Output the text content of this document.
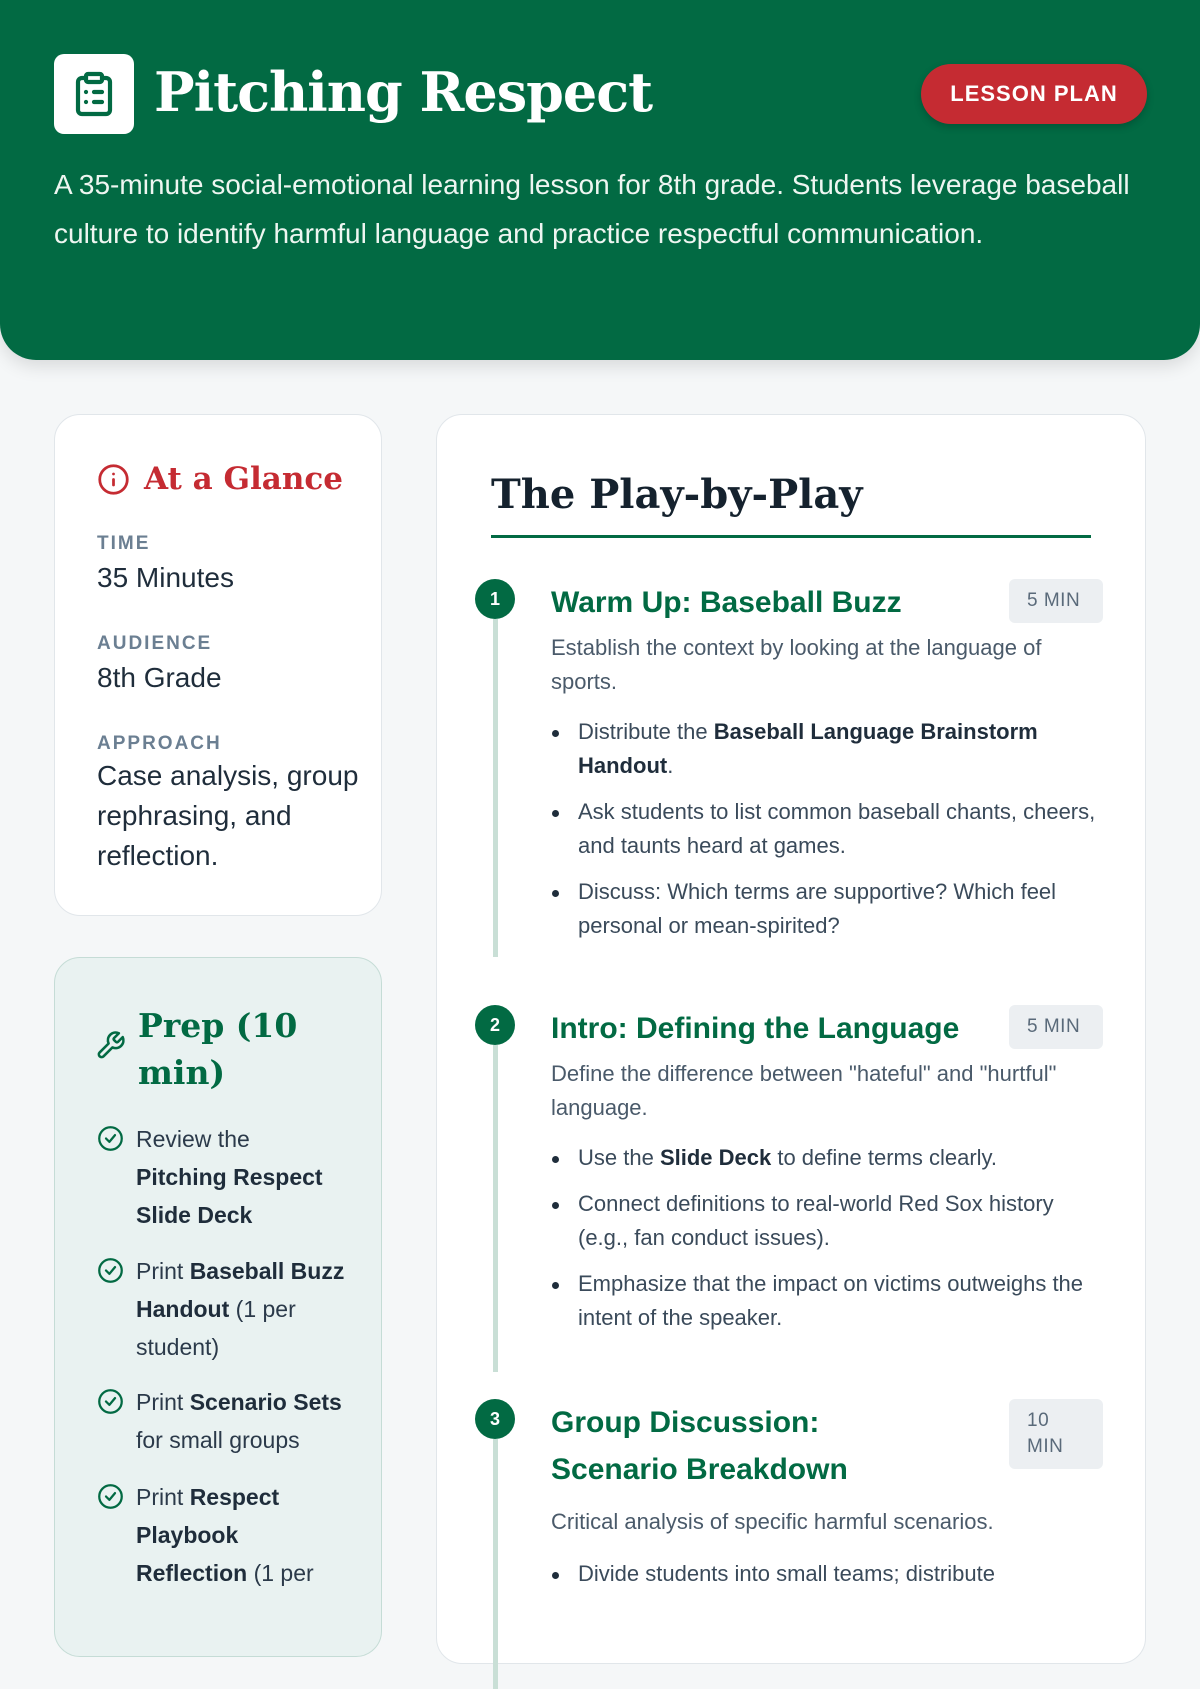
Pitching Respect	LESSON PLAN

A 35-minute social-emotional learning lesson for 8th grade. Students leverage baseball culture to identify harmful language and practice respectful communication.

At a Glance
TIME
35 Minutes
AUDIENCE
8th Grade
APPROACH
Case analysis, group rephrasing, and reflection.
Prep (10 min)
Review the Pitching Respect Slide Deck
Print Baseball Buzz Handout (1 per student)
Print Scenario Sets for small groups
Print Respect Playbook Reflection (1 per
The Play-by-Play
1	Warm Up: Baseball Buzz	5 MIN

Establish the context by looking at the language of sports.

Distribute the Baseball Language Brainstorm Handout.
Ask students to list common baseball chants, cheers, and taunts heard at games.
Discuss: Which terms are supportive? Which feel personal or mean-spirited?
2	Intro: Defining the Language	5 MIN

Define the difference between "hateful" and "hurtful" language.

Use the Slide Deck to define terms clearly.
Connect definitions to real-world Red Sox history (e.g., fan conduct issues).
Emphasize that the impact on victims outweighs the intent of the speaker.
3	Group Discussion: Scenario Breakdown
10 MIN

Critical analysis of specific harmful scenarios.

Divide students into small teams; distribute
